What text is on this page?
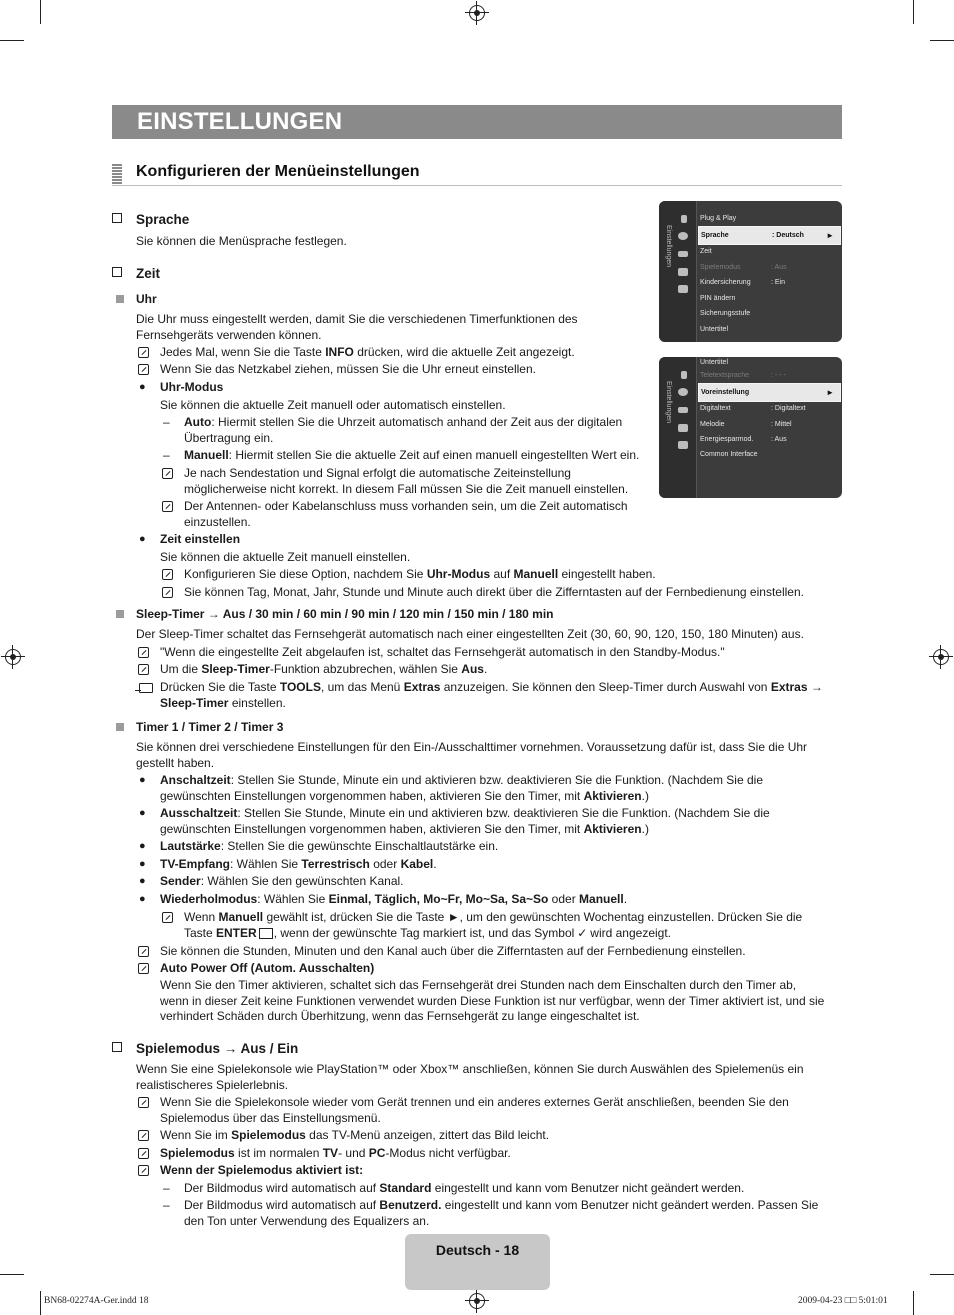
EINSTELLUNGEN
Konfigurieren der Menüeinstellungen
Sprache
Sie können die Menüsprache festlegen.
Zeit
Uhr
Die Uhr muss eingestellt werden, damit Sie die verschiedenen Timerfunktionen des
Fernsehgeräts verwenden können.
Jedes Mal, wenn Sie die Taste INFO drücken, wird die aktuelle Zeit angezeigt.
Wenn Sie das Netzkabel ziehen, müssen Sie die Uhr erneut einstellen.
● Uhr-Modus
Sie können die aktuelle Zeit manuell oder automatisch einstellen.
– Auto: Hiermit stellen Sie die Uhrzeit automatisch anhand der Zeit aus der digitalen
Übertragung ein.
– Manuell: Hiermit stellen Sie die aktuelle Zeit auf einen manuell eingestellten Wert ein.
Je nach Sendestation und Signal erfolgt die automatische Zeiteinstellung
möglicherweise nicht korrekt. In diesem Fall müssen Sie die Zeit manuell einstellen.
Der Antennen- oder Kabelanschluss muss vorhanden sein, um die Zeit automatisch
einzustellen.
● Zeit einstellen
Sie können die aktuelle Zeit manuell einstellen.
Konfigurieren Sie diese Option, nachdem Sie Uhr-Modus auf Manuell eingestellt haben.
Sie können Tag, Monat, Jahr, Stunde und Minute auch direkt über die Zifferntasten auf der Fernbedienung einstellen.
Sleep-Timer → Aus / 30 min / 60 min / 90 min / 120 min / 150 min / 180 min
Der Sleep-Timer schaltet das Fernsehgerät automatisch nach einer eingestellten Zeit (30, 60, 90, 120, 150, 180 Minuten) aus.
"Wenn die eingestellte Zeit abgelaufen ist, schaltet das Fernsehgerät automatisch in den Standby-Modus."
Um die Sleep-Timer-Funktion abzubrechen, wählen Sie Aus.
Drücken Sie die Taste TOOLS, um das Menü Extras anzuzeigen. Sie können den Sleep-Timer durch Auswahl von Extras →
Sleep-Timer einstellen.
Timer 1 / Timer 2 / Timer 3
Sie können drei verschiedene Einstellungen für den Ein-/Ausschalttimer vornehmen. Voraussetzung dafür ist, dass Sie die Uhr
gestellt haben.
● Anschaltzeit: Stellen Sie Stunde, Minute ein und aktivieren bzw. deaktivieren Sie die Funktion. (Nachdem Sie die
gewünschten Einstellungen vorgenommen haben, aktivieren Sie den Timer, mit Aktivieren.)
● Ausschaltzeit: Stellen Sie Stunde, Minute ein und aktivieren bzw. deaktivieren Sie die Funktion. (Nachdem Sie die
gewünschten Einstellungen vorgenommen haben, aktivieren Sie den Timer, mit Aktivieren.)
● Lautstärke: Stellen Sie die gewünschte Einschaltlautstärke ein.
● TV-Empfang: Wählen Sie Terrestrisch oder Kabel.
● Sender: Wählen Sie den gewünschten Kanal.
● Wiederholmodus: Wählen Sie Einmal, Täglich, Mo~Fr, Mo~Sa, Sa~So oder Manuell.
Wenn Manuell gewählt ist, drücken Sie die Taste ►, um den gewünschten Wochentag einzustellen. Drücken Sie die
Taste ENTER , wenn der gewünschte Tag markiert ist, und das Symbol ✓ wird angezeigt.
Sie können die Stunden, Minuten und den Kanal auch über die Zifferntasten auf der Fernbedienung einstellen.
Auto Power Off (Autom. Ausschalten)
Wenn Sie den Timer aktivieren, schaltet sich das Fernsehgerät drei Stunden nach dem Einschalten durch den Timer ab,
wenn in dieser Zeit keine Funktionen verwendet wurden Diese Funktion ist nur verfügbar, wenn der Timer aktiviert ist, und sie
verhindert Schäden durch Überhitzung, wenn das Fernsehgerät zu lange eingeschaltet ist.
Spielemodus → Aus / Ein
Wenn Sie eine Spielekonsole wie PlayStation™ oder Xbox™ anschließen, können Sie durch Auswählen des Spielemenüs ein
realistischeres Spielerlebnis.
Wenn Sie die Spielekonsole wieder vom Gerät trennen und ein anderes externes Gerät anschließen, beenden Sie den
Spielemodus über das Einstellungsmenü.
Wenn Sie im Spielemodus das TV-Menü anzeigen, zittert das Bild leicht.
Spielemodus ist im normalen TV- und PC-Modus nicht verfügbar.
Wenn der Spielemodus aktiviert ist:
– Der Bildmodus wird automatisch auf Standard eingestellt und kann vom Benutzer nicht geändert werden.
– Der Bildmodus wird automatisch auf Benutzerd. eingestellt und kann vom Benutzer nicht geändert werden. Passen Sie
den Ton unter Verwendung des Equalizers an.
Einstellungen
Plug & Play
Sprache	: Deutsch	►
Zeit
Spielemodus	: Aus
Kindersicherung	: Ein
PIN ändern
Sicherungsstufe
Untertitel
Einstellungen
Untertitel
Teletextsprache	: - - -
Voreinstellung	►
Digitaltext	: Digitaltext
Melodie	: Mittel
Energiesparmod.	: Aus
Common Interface
Deutsch - 18
BN68-02274A-Ger.indd 18	2009-04-23 □□ 5:01:01
